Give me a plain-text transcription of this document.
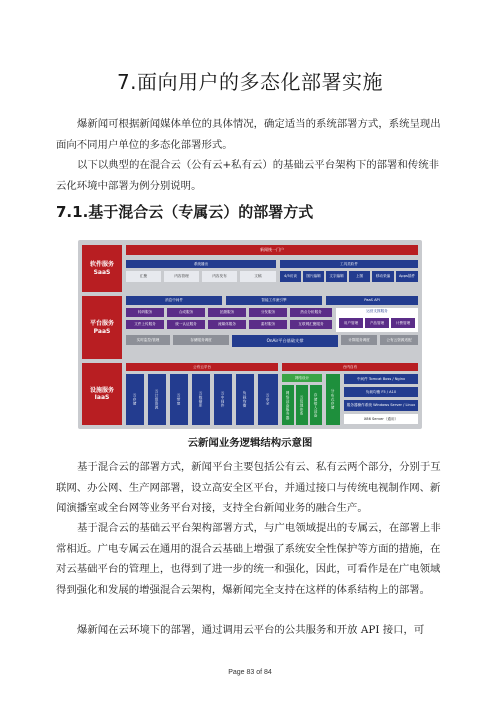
7.面向用户的多态化部署实施

爆新闻可根据新闻媒体单位的具体情况，确定适当的系统部署方式，系统呈现出面向不同用户单位的多态化部署形式。

以下以典型的在混合云（公有云+私有云）的基础云平台架构下的部署和传统非云化环境中部署为例分别说明。

7.1.基于混合云（专属云）的部署方式
软件服务
SaaS
平台服务
PaaS
设施服务
IaaS
新闻统一门户
系统播出	工具类软件
汇聚	内容管理	内容发布	文稿	4/5访谈	图片编辑	文字编辑	上图	移动采编	Apps插件
消息中间件	智能工作流引擎	PaaS API
转码服务	合成服务	拍摄服务	分发服务	热点分析服务
文件上传服务	统一认证服务	流媒体服务	素材服务	互联网汇聚服务
运营支撑服务
用户管理	产品管理	计费管理
实时监控/管理	存储服务调度	OnAir平台基础支撑	计算服务调度	公有云资源适配
公有云平台	台内自有
云存储	云计算资源	云带宽	云数据库	云中间件	负载均衡	云安全
网络设计
网络设备服务器	云管理体系	存储接入设备	分布式存储
中间件 Tomcat Boss / Nginx
负载均衡 F5 / A10
服务器操作系统 Windows Server / Linux
X86 Server（通用）
云新闻业务逻辑结构示意图

基于混合云的部署方式，新闻平台主要包括公有云、私有云两个部分，分别于互联网、办公网、生产网部署，设立高安全区平台，并通过接口与传统电视制作网、新闻演播室或全台网等业务平台对接，支持全台新闻业务的融合生产。

基于混合云的基础云平台架构部署方式，与广电领域提出的专属云，在部署上非常相近。广电专属云在通用的混合云基础上增强了系统安全性保护等方面的措施，在对云基础平台的管理上，也得到了进一步的统一和强化，因此，可看作是在广电领域得到强化和发展的增强混合云架构，爆新闻完全支持在这样的体系结构上的部署。

爆新闻在云环境下的部署，通过调用云平台的公共服务和开放 API 接口，可

Page 83 of 84
